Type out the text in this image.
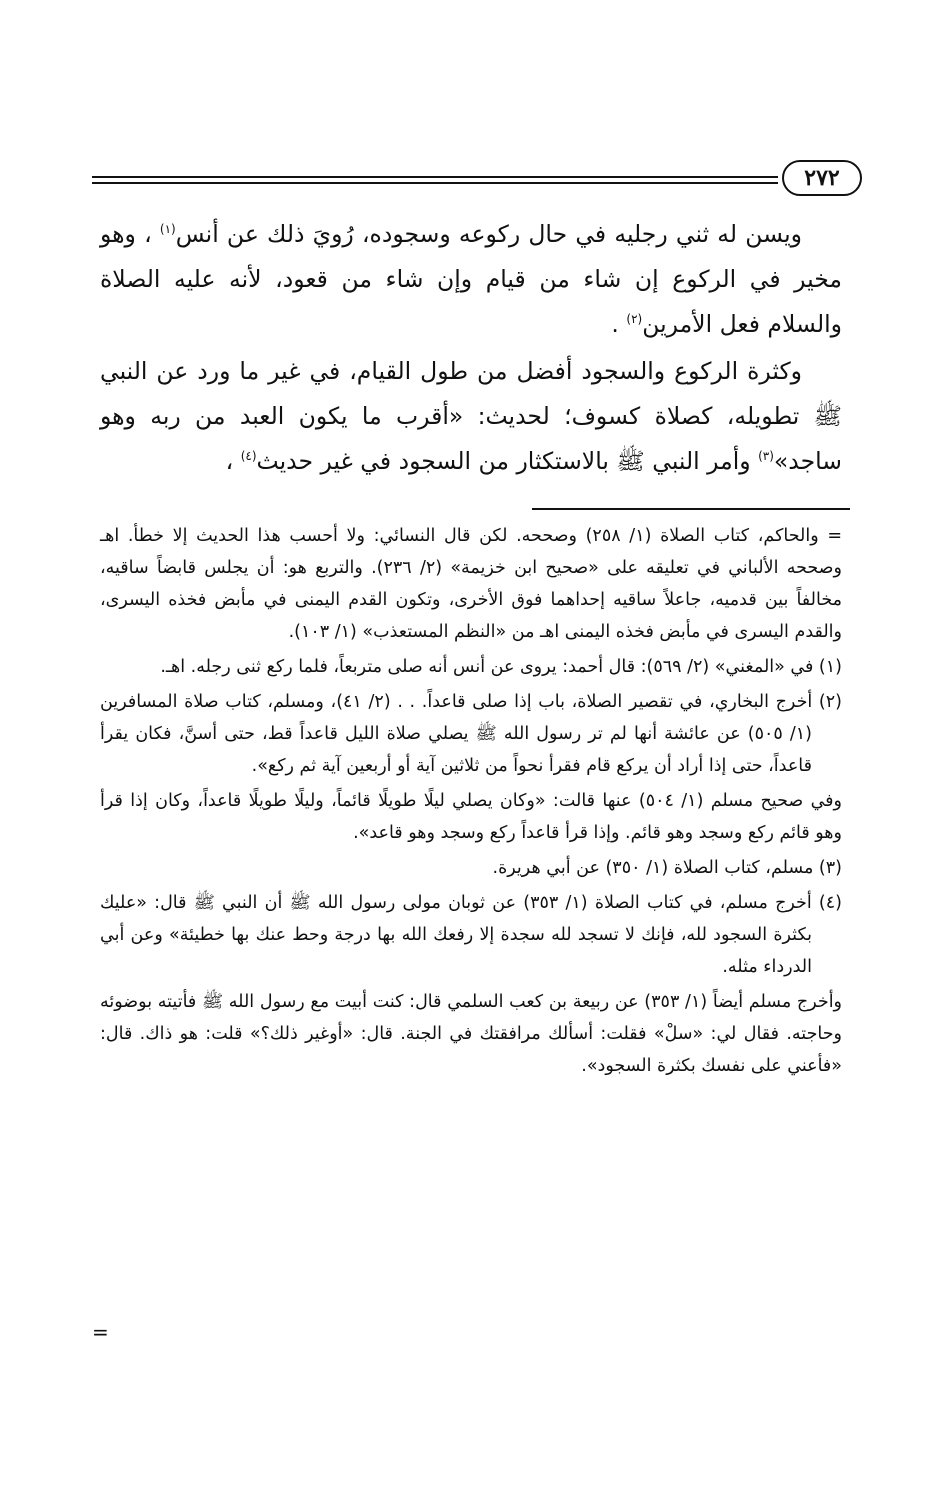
٢٧٢

ويسن له ثني رجليه في حال ركوعه وسجوده، رُويَ ذلك عن أنس$^{(١)}$ ، وهو مخير في الركوع إن شاء من قيام وإن شاء من قعود، لأنه عليه الصلاة والسلام فعل الأمرين$^{(٢)}$ .

وكثرة الركوع والسجود أفضل من طول القيام، في غير ما ورد عن النبي ﷺ تطويله، كصلاة كسوف؛ لحديث: «أقرب ما يكون العبد من ربه وهو ساجد»$^{(٣)}$ وأمر النبي ﷺ بالاستكثار من السجود في غير حديث$^{(٤)}$ ،

= والحاكم، كتاب الصلاة (١/ ٢٥٨) وصححه. لكن قال النسائي: ولا أحسب هذا الحديث إلا خطأ. اهـ وصححه الألباني في تعليقه على «صحيح ابن خزيمة» (٢/ ٢٣٦). والتربع هو: أن يجلس قابضاً ساقيه، مخالفاً بين قدميه، جاعلاً ساقيه إحداهما فوق الأخرى، وتكون القدم اليمنى في مأبض فخذه اليسرى، والقدم اليسرى في مأبض فخذه اليمنى اهـ من «النظم المستعذب» (١/ ١٠٣).

(١) في «المغني» (٢/ ٥٦٩): قال أحمد: يروى عن أنس أنه صلى متربعاً، فلما ركع ثنى رجله. اهـ.

(٢) أخرج البخاري، في تقصير الصلاة، باب إذا صلى قاعداً. . . (٢/ ٤١)، ومسلم، كتاب صلاة المسافرين (١/ ٥٠٥) عن عائشة أنها لم تر رسول الله ﷺ يصلي صلاة الليل قاعداً قط، حتى أسنَّ، فكان يقرأ قاعداً، حتى إذا أراد أن يركع قام فقرأ نحواً من ثلاثين آية أو أربعين آية ثم ركع».

وفي صحيح مسلم (١/ ٥٠٤) عنها قالت: «وكان يصلي ليلًا طويلًا قائماً، وليلًا طويلًا قاعداً، وكان إذا قرأ وهو قائم ركع وسجد وهو قائم. وإذا قرأ قاعداً ركع وسجد وهو قاعد».

(٣) مسلم، كتاب الصلاة (١/ ٣٥٠) عن أبي هريرة.

(٤) أخرج مسلم، في كتاب الصلاة (١/ ٣٥٣) عن ثوبان مولى رسول الله ﷺ أن النبي ﷺ قال: «عليك بكثرة السجود لله، فإنك لا تسجد لله سجدة إلا رفعك الله بها درجة وحط عنك بها خطيئة» وعن أبي الدرداء مثله.

وأخرج مسلم أيضاً (١/ ٣٥٣) عن ربيعة بن كعب السلمي قال: كنت أبيت مع رسول الله ﷺ فأتيته بوضوئه وحاجته. فقال لي: «سلْ» فقلت: أسألك مرافقتك في الجنة. قال: «أوغير ذلك؟» قلت: هو ذاك. قال: «فأعني على نفسك بكثرة السجود».

=
